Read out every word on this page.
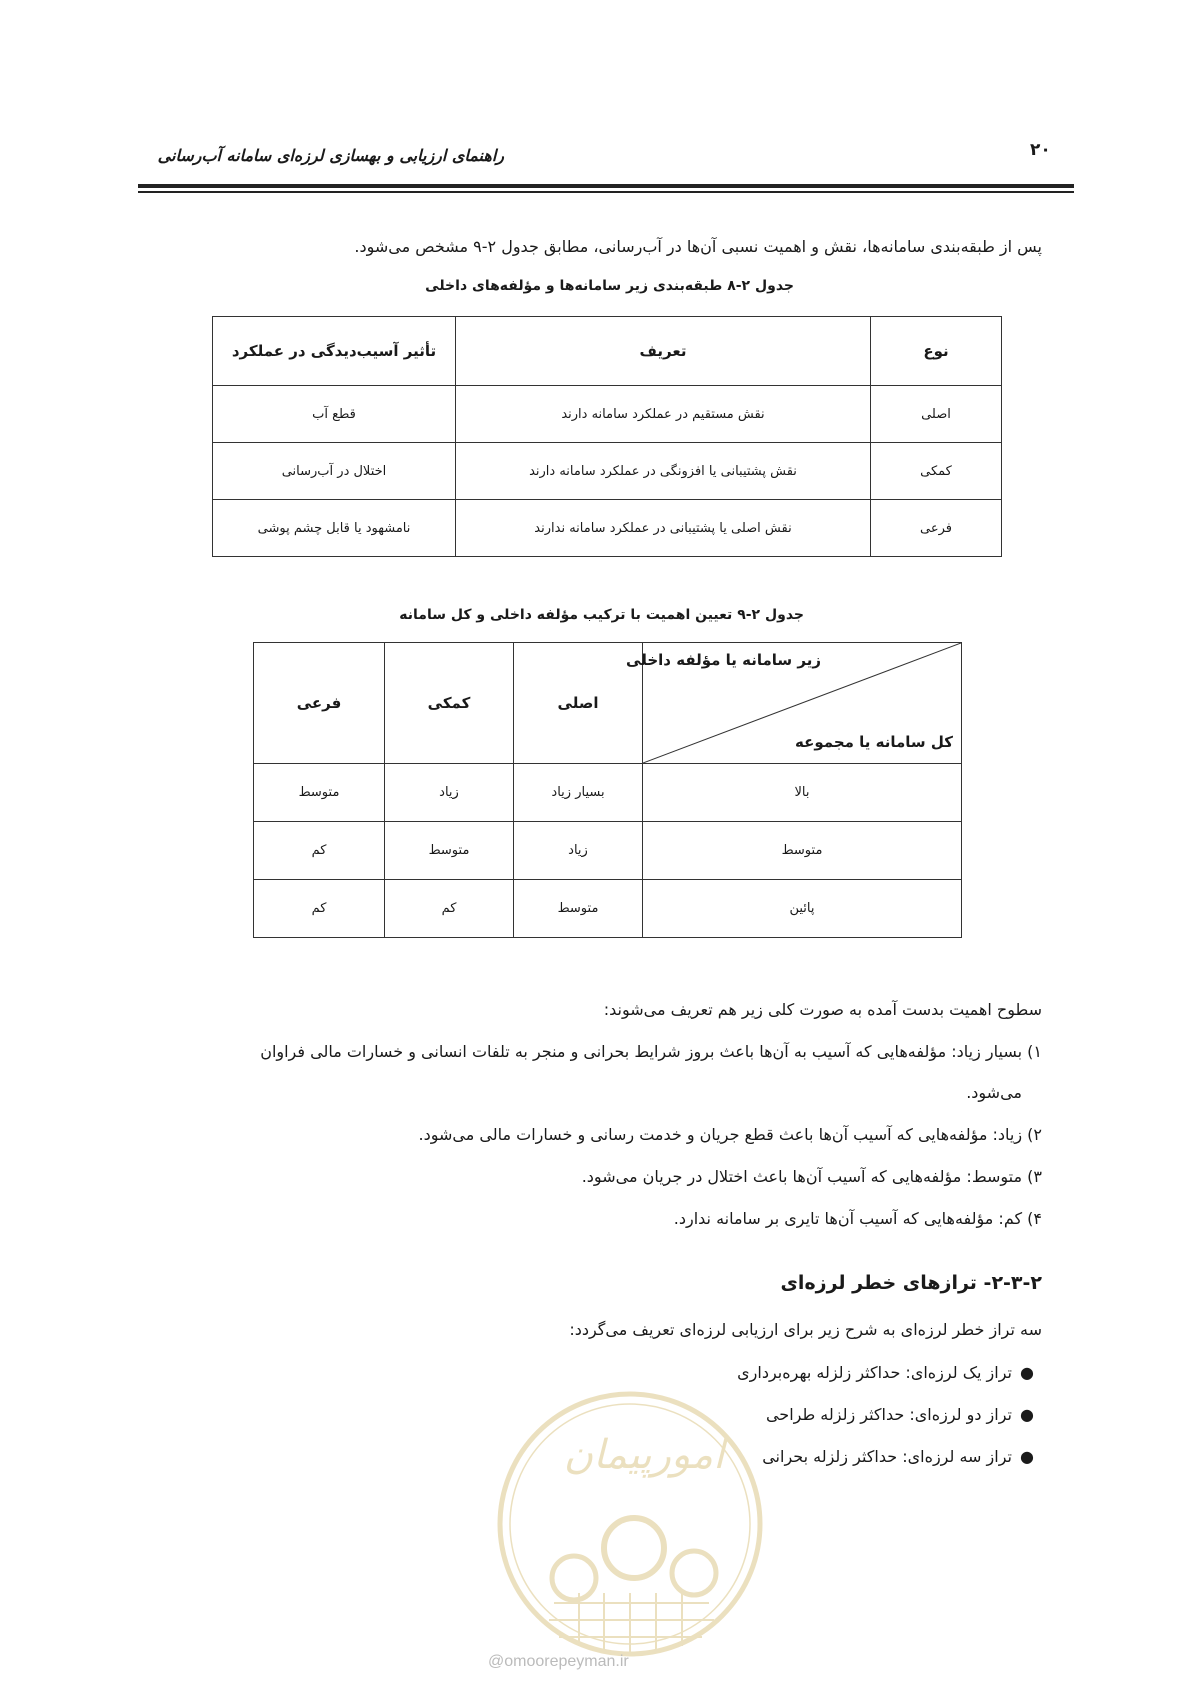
۲۰
راهنمای ارزیابی و بهسازی لرزه‌ای سامانه آب‌رسانی
پس از طبقه‌بندی سامانه‌ها، نقش و اهمیت نسبی آن‌ها در آب‌رسانی، مطابق جدول ۲-۹ مشخص می‌شود.
جدول ۲-۸ طبقه‌بندی زیر سامانه‌ها و مؤلفه‌های داخلی
نوع	تعریف	تأثیر آسیب‌دیدگی در عملکرد
اصلی	نقش مستقیم در عملکرد سامانه دارند	قطع آب
کمکی	نقش پشتیبانی یا افزونگی در عملکرد سامانه دارند	اختلال در آب‌رسانی
فرعی	نقش اصلی یا پشتیبانی در عملکرد سامانه ندارند	نامشهود یا قابل چشم پوشی
جدول ۲-۹ تعیین اهمیت با ترکیب مؤلفه داخلی و کل سامانه
زیر سامانه یا مؤلفه داخلی
کل سامانه یا مجموعه	اصلی	کمکی	فرعی
بالا	بسیار زیاد	زیاد	متوسط
متوسط	زیاد	متوسط	کم
پائین	متوسط	کم	کم
سطوح اهمیت بدست آمده به صورت کلی زیر هم تعریف می‌شوند:
۱) بسیار زیاد: مؤلفه‌هایی که آسیب به آن‌ها باعث بروز شرایط بحرانی و منجر به تلفات انسانی و خسارات مالی فراوان
می‌شود.
۲) زیاد: مؤلفه‌هایی که آسیب آن‌ها باعث قطع جریان و خدمت رسانی و خسارات مالی می‌شود.
۳) متوسط: مؤلفه‌هایی که آسیب آن‌ها باعث اختلال در جریان می‌شود.
۴) کم: مؤلفه‌هایی که آسیب آن‌ها تایری بر سامانه ندارد.
۲-۳-۲- ترازهای خطر لرزه‌ای
سه تراز خطر لرزه‌ای به شرح زیر برای ارزیابی لرزه‌ای تعریف می‌گردد:
●تراز یک لرزه‌ای: حداکثر زلزله بهره‌برداری
●تراز دو لرزه‌ای: حداکثر زلزله طراحی
●تراز سه لرزه‌ای: حداکثر زلزله بحرانی
امورپیمان
@omoorepeyman.ir
